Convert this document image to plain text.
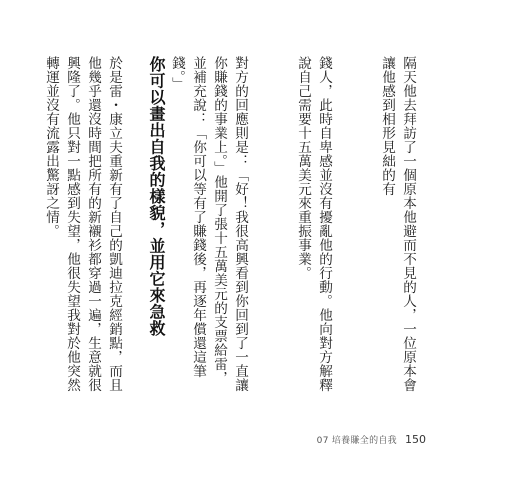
隔天他去拜訪了一個原本他避而不見的人，一位原本會讓他感到相形見絀的有

錢人，此時自卑感並沒有擾亂他的行動。他向對方解釋說自己需要十五萬美元來重振事業。

對方的回應則是：「好！我很高興看到你回到了一直讓你賺錢的事業上。」他開了張十五萬美元的支票給雷，並補充說：「你可以等有了賺錢後，再逐年償還這筆錢。」

於是雷・康立夫重新有了自己的凱迪拉克經銷點，而且他幾乎還沒時間把所有的新襯衫都穿過一遍，生意就很興隆了。他只對一點感到失望，他很失望我對於他突然轉運並沒有流露出驚訝之情。

	你可以畫出自我的樣貌，並用它來急救
07 培養賺全的自我 150
